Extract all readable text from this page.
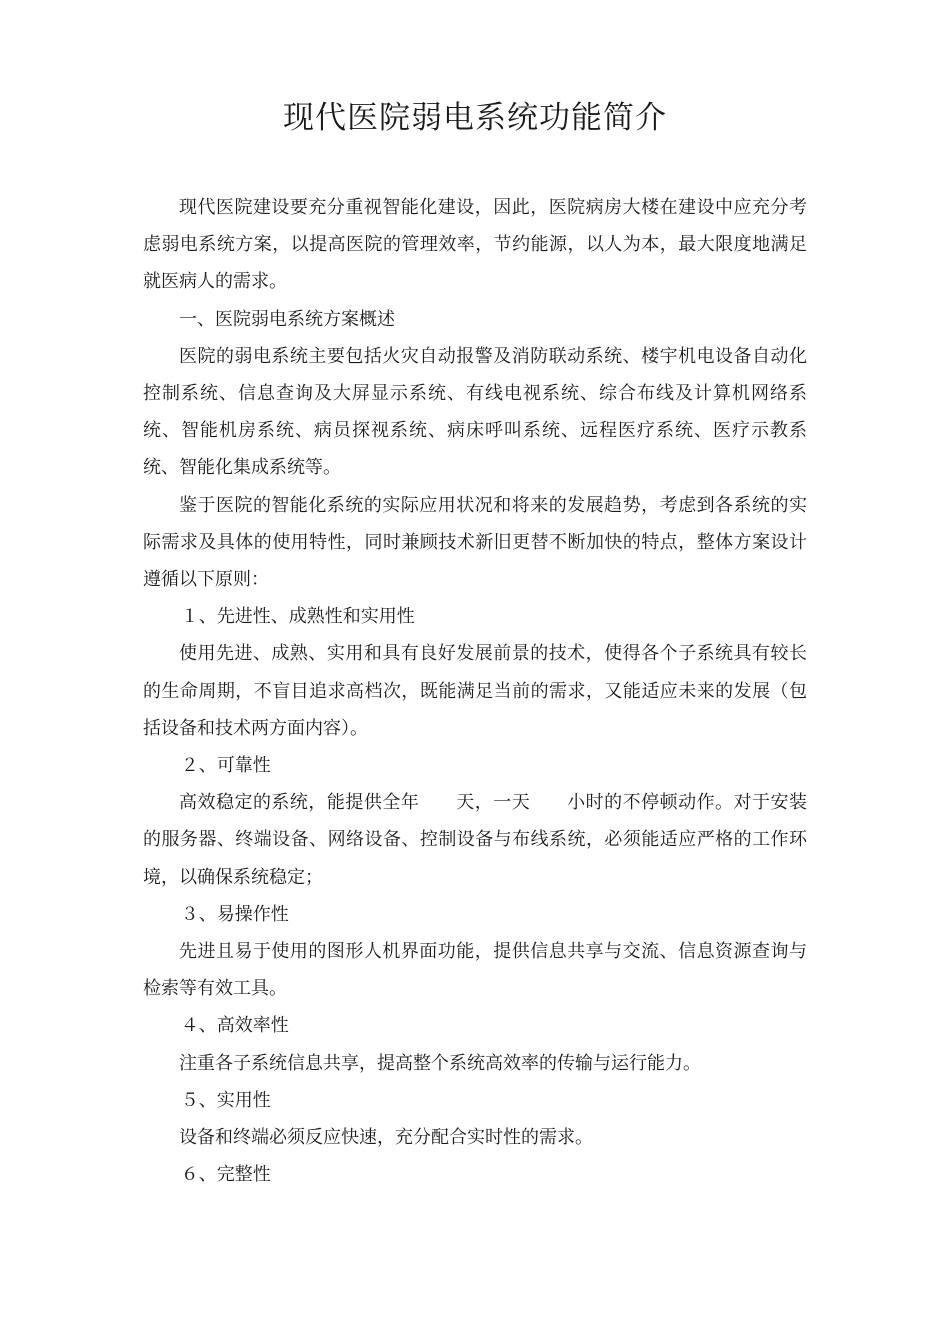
现代医院弱电系统功能简介

现代医院建设要充分重视智能化建设，因此，医院病房大楼在建设中应充分考虑弱电系统方案，以提高医院的管理效率，节约能源，以人为本，最大限度地满足就医病人的需求。

一、医院弱电系统方案概述

医院的弱电系统主要包括火灾自动报警及消防联动系统、楼宇机电设备自动化控制系统、信息查询及大屏显示系统、有线电视系统、综合布线及计算机网络系统、智能机房系统、病员探视系统、病床呼叫系统、远程医疗系统、医疗示教系统、智能化集成系统等。

鉴于医院的智能化系统的实际应用状况和将来的发展趋势，考虑到各系统的实际需求及具体的使用特性，同时兼顾技术新旧更替不断加快的特点，整体方案设计遵循以下原则：

１、先进性、成熟性和实用性

使用先进、成熟、实用和具有良好发展前景的技术，使得各个子系统具有较长的生命周期，不盲目追求高档次，既能满足当前的需求，又能适应未来的发展（包括设备和技术两方面内容）。

２、可靠性

高效稳定的系统，能提供全年　　天，一天　　小时的不停顿动作。对于安装的服务器、终端设备、网络设备、控制设备与布线系统，必须能适应严格的工作环境，以确保系统稳定；

３、易操作性

先进且易于使用的图形人机界面功能，提供信息共享与交流、信息资源查询与检索等有效工具。

４、高效率性

注重各子系统信息共享，提高整个系统高效率的传输与运行能力。

５、实用性

设备和终端必须反应快速，充分配合实时性的需求。

６、完整性
